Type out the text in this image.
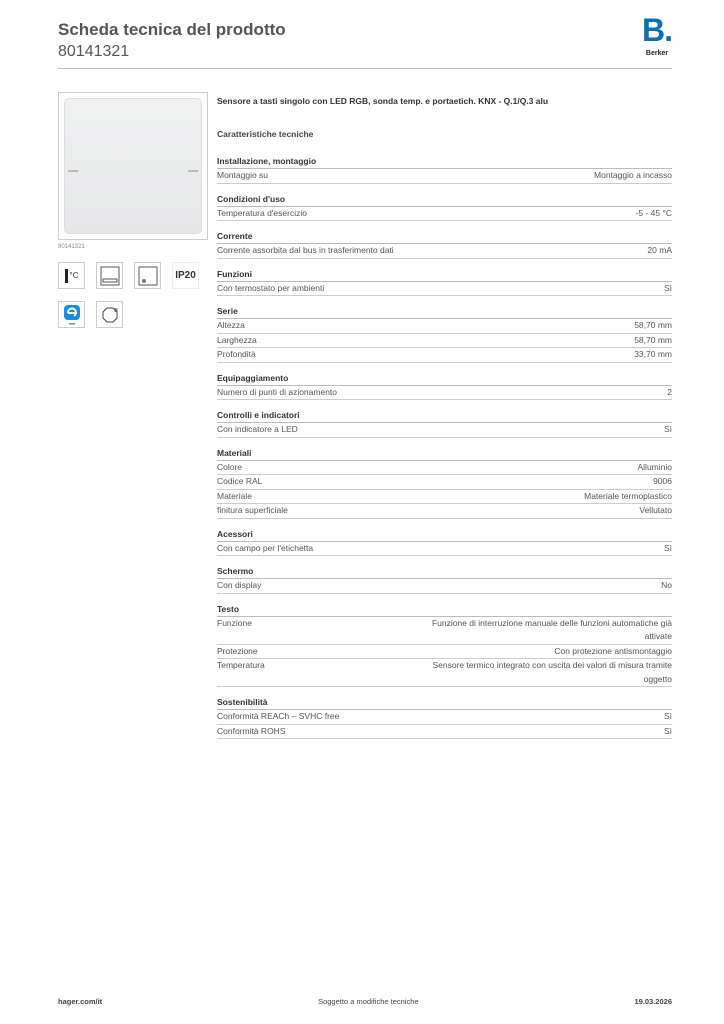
Scheda tecnica del prodotto
80141321
B.
Berker
80141321
°C	IP20
Sensore a tasti singolo con LED RGB, sonda temp. e portaetich. KNX - Q.1/Q.3 alu
Caratteristiche tecniche
Installazione, montaggio
Montaggio su	Montaggio a incasso
Condizioni d'uso
Temperatura d'esercizio	-5 - 45 °C
Corrente
Corrente assorbita dal bus in trasferimento dati	20 mA
Funzioni
Con termostato per ambienti	Sì
Serie
Altezza	58,70 mm
Larghezza	58,70 mm
Profondità	33,70 mm
Equipaggiamento
Numero di punti di azionamento	2
Controlli e indicatori
Con indicatore a LED	Sì
Materiali
Colore	Alluminio
Codice RAL	9006
Materiale	Materiale termoplastico
finitura superficiale	Vellutato
Acessori
Con campo per l'etichetta	Sì
Schermo
Con display	No
Testo
Funzione	Funzione di interruzione manuale delle funzioni automatiche già attivate
Protezione	Con protezione antismontaggio
Temperatura	Sensore termico integrato con uscita dei valori di misura tramite oggetto
Sostenibilità
Conformità REACh – SVHC free	Sì
Conformità ROHS	Sì
hager.com/it	Soggetto a modifiche tecniche	19.03.2026
